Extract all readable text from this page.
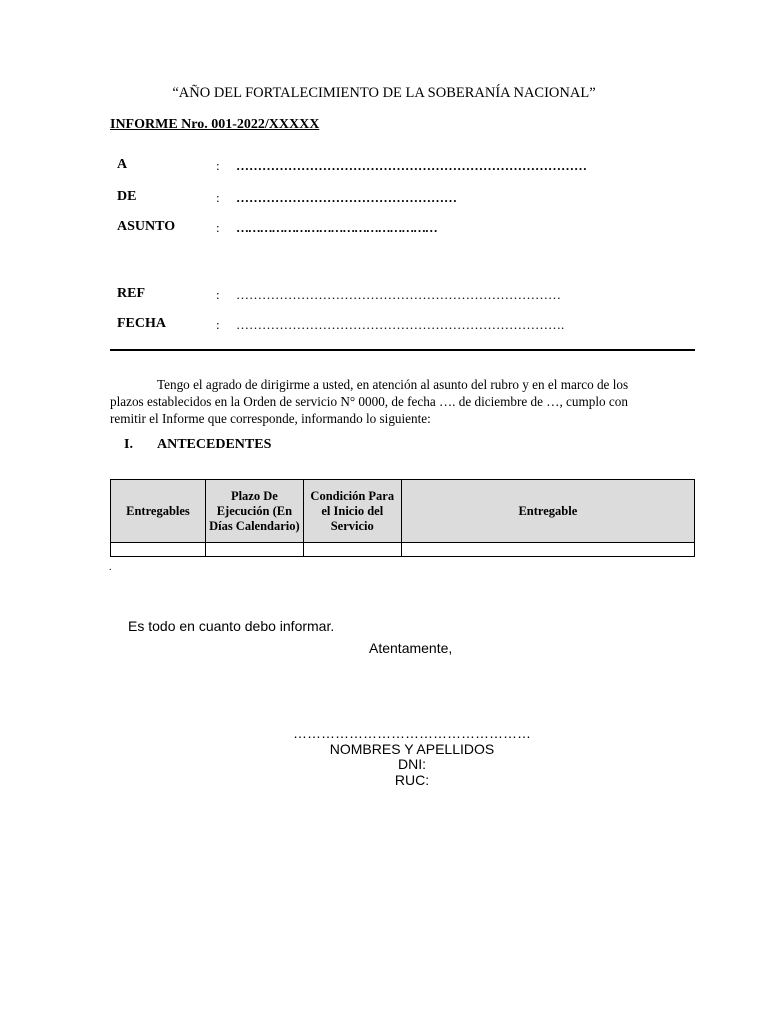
“AÑO DEL FORTALECIMIENTO DE LA SOBERANÍA NACIONAL”
INFORME Nro. 001-2022/XXXXX
A	: ………………………………………………………………………
DE	: ……………………………………………
ASUNTO	: ……………………………………………
REF	: …………………………………………………………………
FECHA	: ………………………………………………………………….
Tengo el agrado de dirigirme a usted, en atención al asunto del rubro y en el marco de los
plazos establecidos en la Orden de servicio N° 0000, de fecha …. de diciembre de …, cumplo con
remitir el Informe que corresponde, informando lo siguiente:
I. ANTECEDENTES
Entregables	Plazo De Ejecución (En Días Calendario)	Condición Para el Inicio del Servicio	Entregable

.
Es todo en cuanto debo informar.
Atentamente,
……………………………………………
NOMBRES Y APELLIDOS
DNI:
RUC:
